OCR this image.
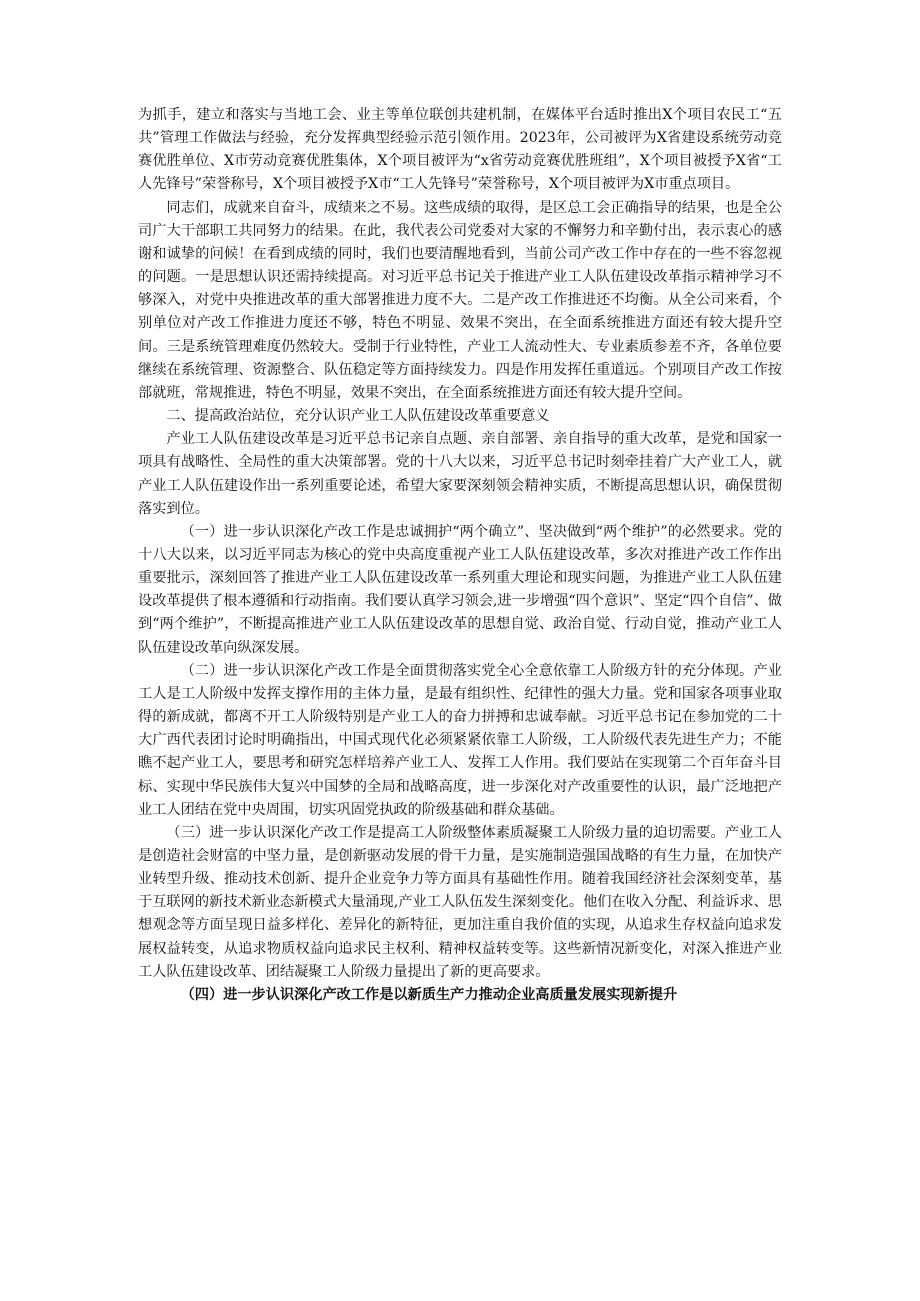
为抓手，建立和落实与当地工会、业主等单位联创共建机制，在媒体平台适时推出X个项目农民工“五共”管理工作做法与经验，充分发挥典型经验示范引领作用。2023年，公司被评为X省建设系统劳动竞赛优胜单位、X市劳动竞赛优胜集体，X个项目被评为“x省劳动竞赛优胜班组”，X个项目被授予X省“工人先锋号”荣誉称号，X个项目被授予X市“工人先锋号”荣誉称号，X个项目被评为X市重点项目。

同志们，成就来自奋斗，成绩来之不易。这些成绩的取得，是区总工会正确指导的结果，也是全公司广大干部职工共同努力的结果。在此，我代表公司党委对大家的不懈努力和辛勤付出，表示衷心的感谢和诚挚的问候！在看到成绩的同时，我们也要清醒地看到，当前公司产改工作中存在的一些不容忽视的问题。一是思想认识还需持续提高。对习近平总书记关于推进产业工人队伍建设改革指示精神学习不够深入，对党中央推进改革的重大部署推进力度不大。二是产改工作推进还不均衡。从全公司来看，个别单位对产改工作推进力度还不够，特色不明显、效果不突出，在全面系统推进方面还有较大提升空间。三是系统管理难度仍然较大。受制于行业特性，产业工人流动性大、专业素质参差不齐，各单位要继续在系统管理、资源整合、队伍稳定等方面持续发力。四是作用发挥任重道远。个别项目产改工作按部就班，常规推进，特色不明显，效果不突出，在全面系统推进方面还有较大提升空间。

二、提高政治站位，充分认识产业工人队伍建设改革重要意义

产业工人队伍建设改革是习近平总书记亲自点题、亲自部署、亲自指导的重大改革，是党和国家一项具有战略性、全局性的重大决策部署。党的十八大以来，习近平总书记时刻牵挂着广大产业工人，就产业工人队伍建设作出一系列重要论述，希望大家要深刻领会精神实质，不断提高思想认识，确保贯彻落实到位。

（一）进一步认识深化产改工作是忠诚拥护“两个确立”、坚决做到“两个维护”的必然要求。党的十八大以来，以习近平同志为核心的党中央高度重视产业工人队伍建设改革，多次对推进产改工作作出重要批示，深刻回答了推进产业工人队伍建设改革一系列重大理论和现实问题，为推进产业工人队伍建设改革提供了根本遵循和行动指南。我们要认真学习领会,进一步增强“四个意识”、坚定“四个自信”、做到“两个维护”，不断提高推进产业工人队伍建设改革的思想自觉、政治自觉、行动自觉，推动产业工人队伍建设改革向纵深发展。

（二）进一步认识深化产改工作是全面贯彻落实党全心全意依靠工人阶级方针的充分体现。产业工人是工人阶级中发挥支撑作用的主体力量，是最有组织性、纪律性的强大力量。党和国家各项事业取得的新成就，都离不开工人阶级特别是产业工人的奋力拼搏和忠诚奉献。习近平总书记在参加党的二十大广西代表团讨论时明确指出，中国式现代化必须紧紧依靠工人阶级，工人阶级代表先进生产力；不能瞧不起产业工人，要思考和研究怎样培养产业工人、发挥工人作用。我们要站在实现第二个百年奋斗目标、实现中华民族伟大复兴中国梦的全局和战略高度，进一步深化对产改重要性的认识，最广泛地把产业工人团结在党中央周围，切实巩固党执政的阶级基础和群众基础。

（三）进一步认识深化产改工作是提高工人阶级整体素质凝聚工人阶级力量的迫切需要。产业工人是创造社会财富的中坚力量，是创新驱动发展的骨干力量，是实施制造强国战略的有生力量，在加快产业转型升级、推动技术创新、提升企业竞争力等方面具有基础性作用。随着我国经济社会深刻变革，基于互联网的新技术新业态新模式大量涌现,产业工人队伍发生深刻变化。他们在收入分配、利益诉求、思想观念等方面呈现日益多样化、差异化的新特征，更加注重自我价值的实现，从追求生存权益向追求发展权益转变，从追求物质权益向追求民主权利、精神权益转变等。这些新情况新变化，对深入推进产业工人队伍建设改革、团结凝聚工人阶级力量提出了新的更高要求。

（四）进一步认识深化产改工作是以新质生产力推动企业高质量发展实现新提升
